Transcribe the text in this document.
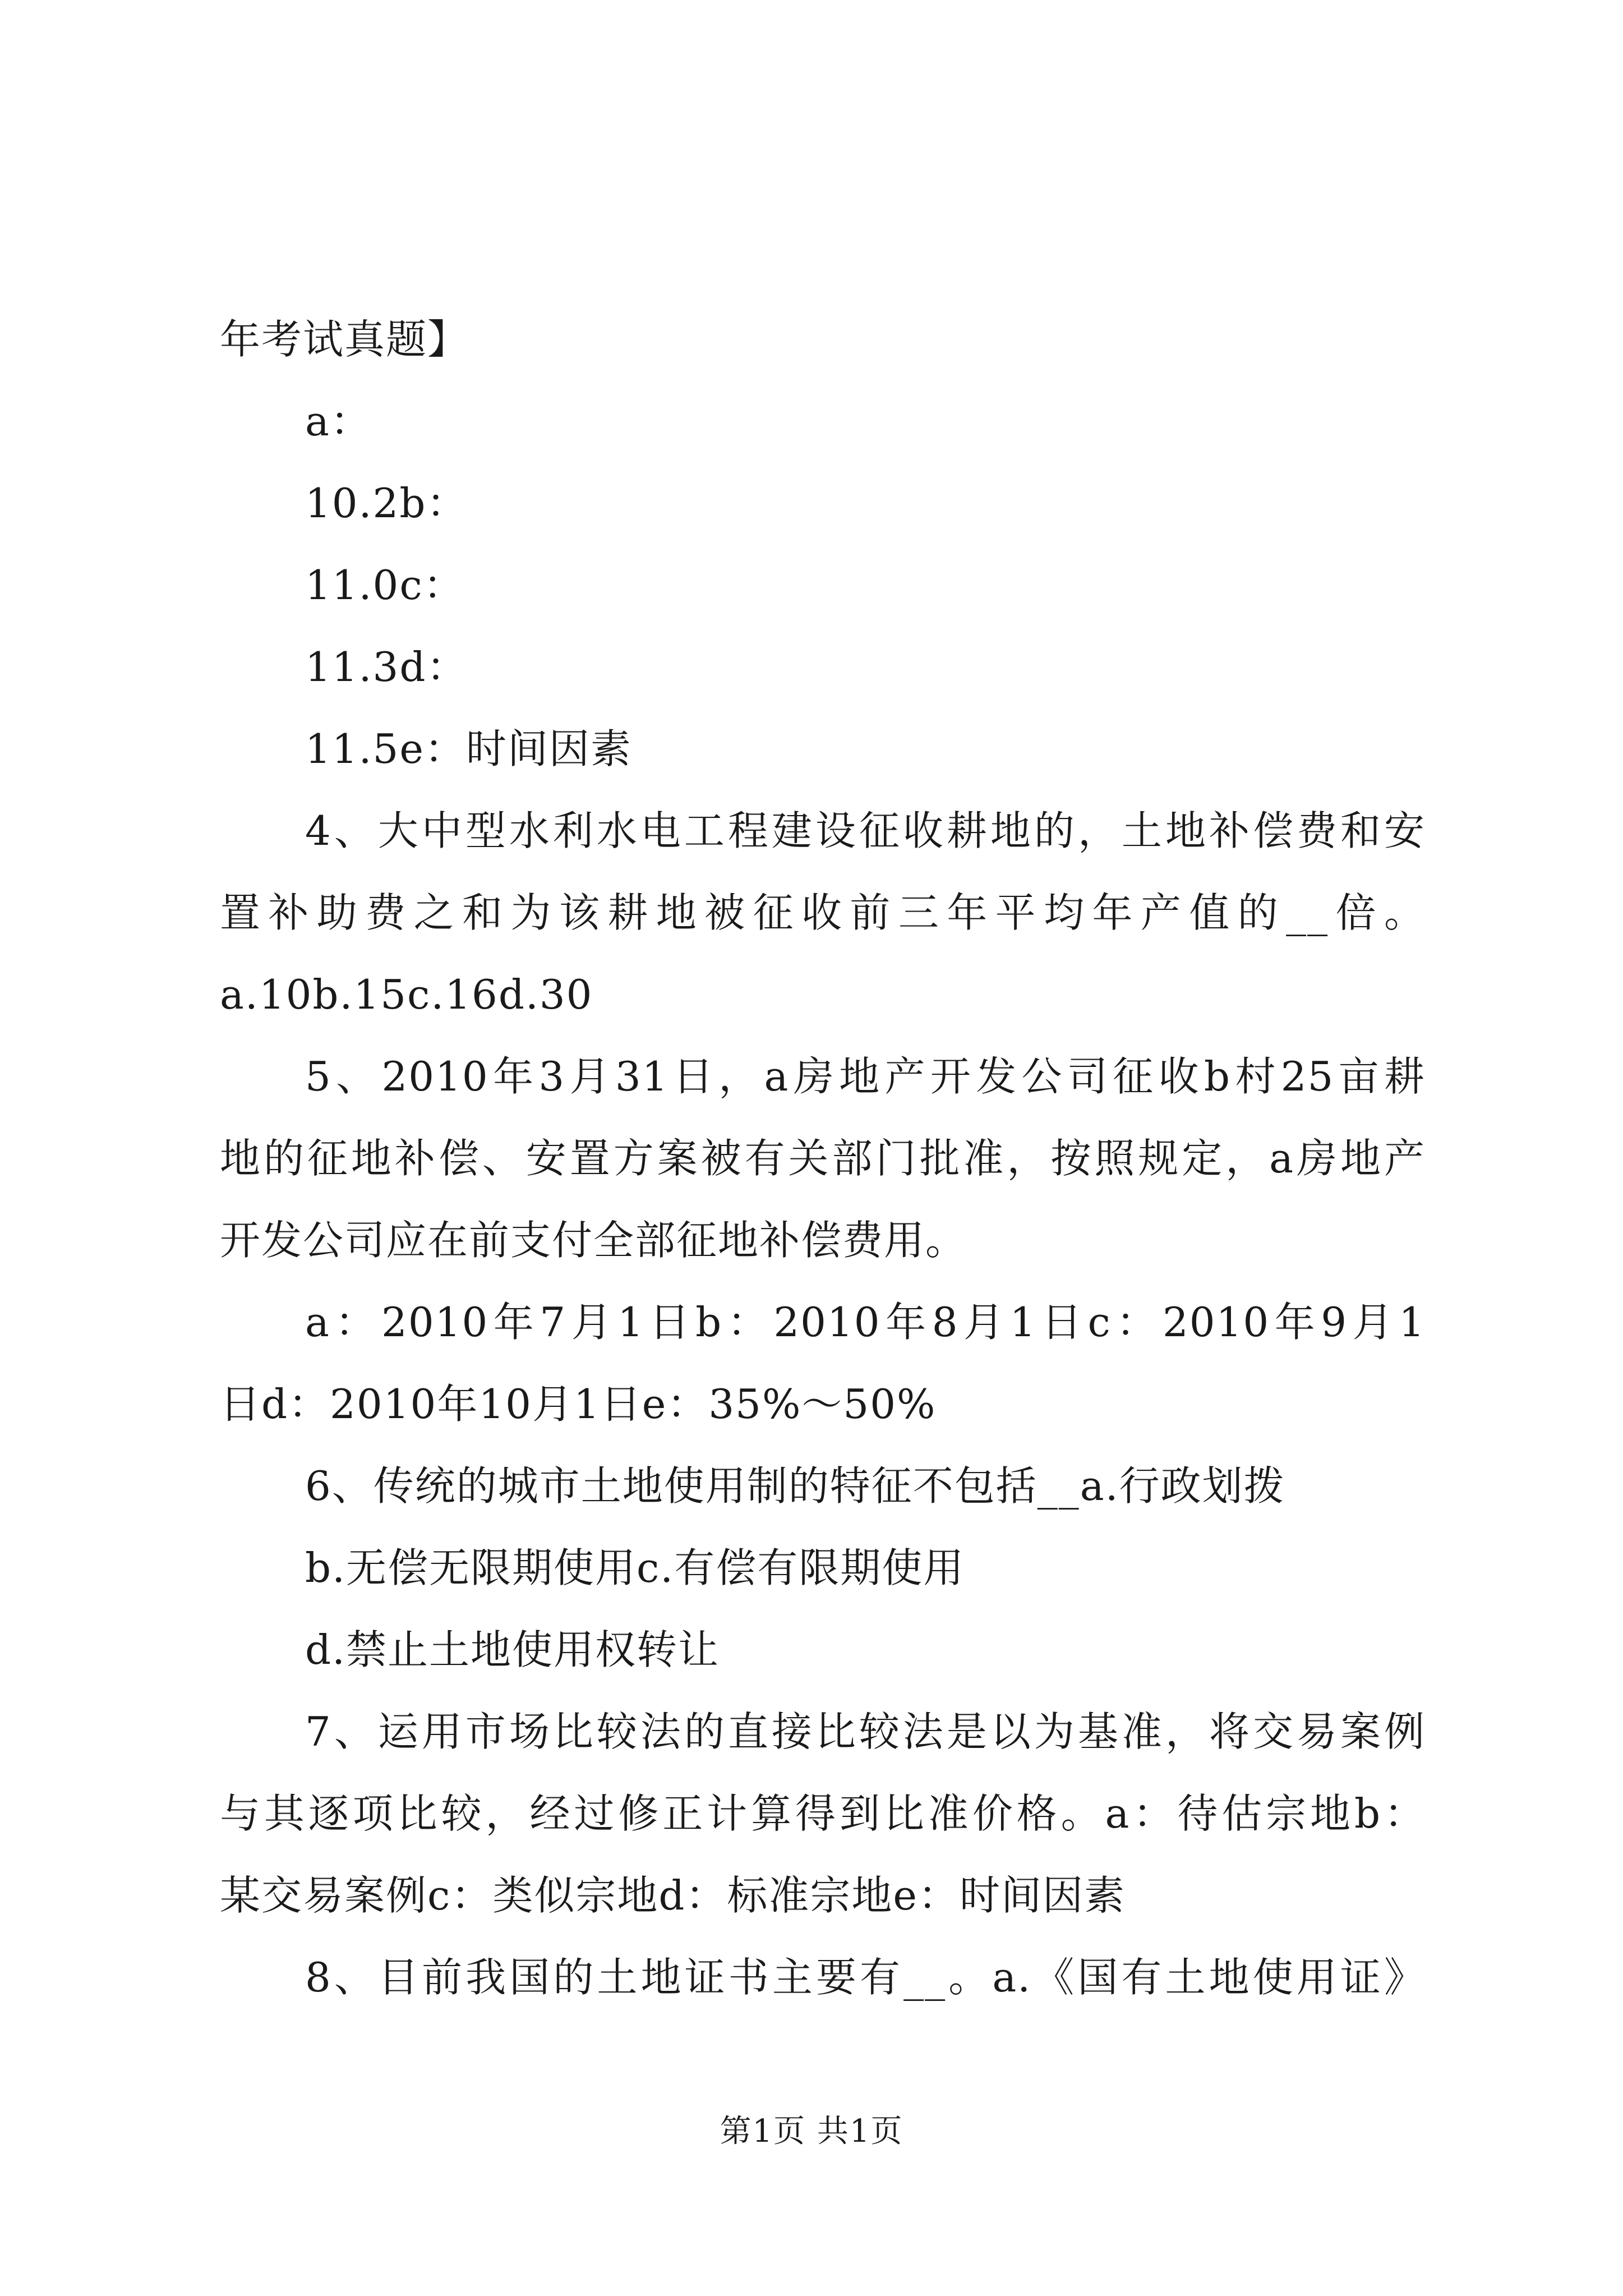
年考试真题】
a：
10.2b：
11.0c：
11.3d：
11.5e：时间因素
4、大中型水利水电工程建设征收耕地的，土地补偿费和安
置补助费之和为该耕地被征收前三年平均年产值的__倍。
a.10b.15c.16d.30
5、2010年3月31日，a房地产开发公司征收b村25亩耕
地的征地补偿、安置方案被有关部门批准，按照规定，a房地产
开发公司应在前支付全部征地补偿费用。
a：2010年7月1日b：2010年8月1日c：2010年9月1
日d：2010年10月1日e：35%～50%
6、传统的城市土地使用制的特征不包括__a.行政划拨
b.无偿无限期使用c.有偿有限期使用
d.禁止土地使用权转让
7、运用市场比较法的直接比较法是以为基准，将交易案例
与其逐项比较，经过修正计算得到比准价格。a：待估宗地b：
某交易案例c：类似宗地d：标准宗地e：时间因素
8、目前我国的土地证书主要有__。a.《国有土地使用证》
第1页 共1页
